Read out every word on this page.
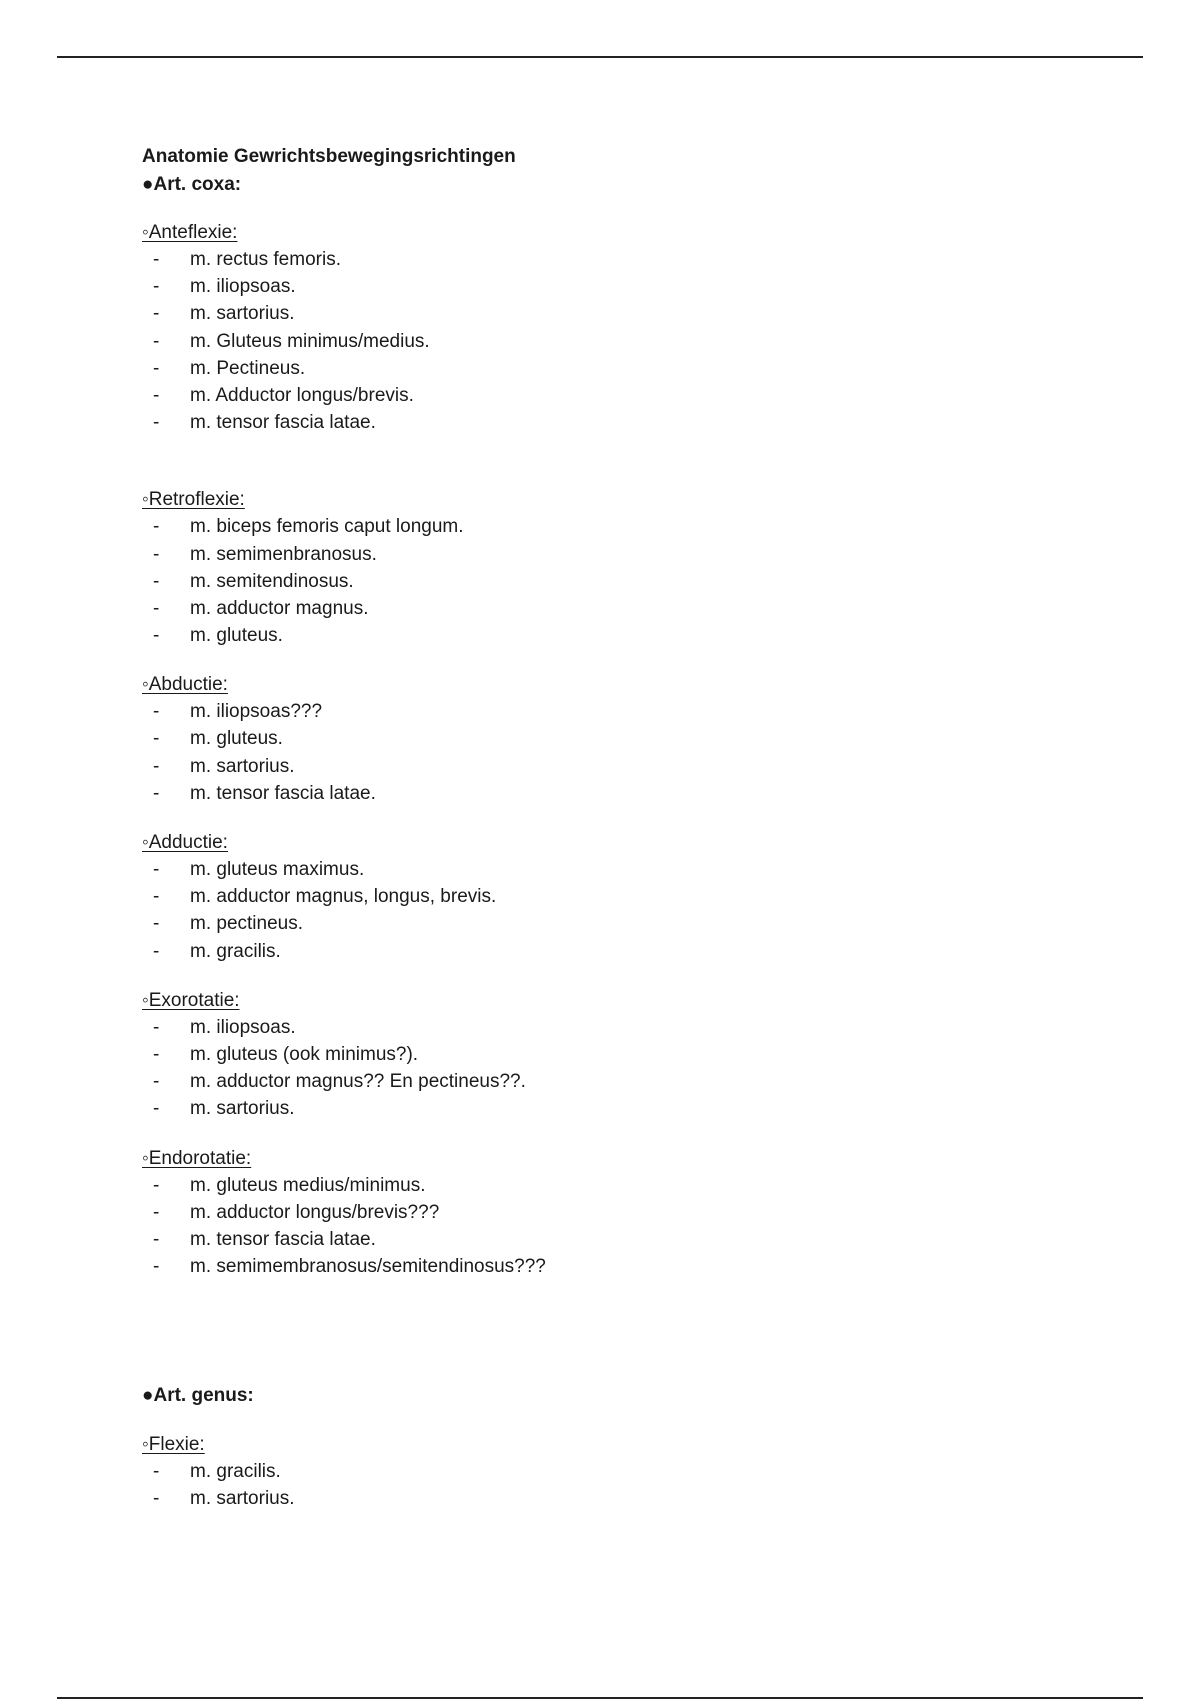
Anatomie Gewrichtsbewegingsrichtingen
●Art. coxa:
◦Anteflexie:
- m. rectus femoris.
- m. iliopsoas.
- m. sartorius.
- m. Gluteus minimus/medius.
- m. Pectineus.
- m. Adductor longus/brevis.
- m. tensor fascia latae.
◦Retroflexie:
- m. biceps femoris caput longum.
- m. semimenbranosus.
- m. semitendinosus.
- m. adductor magnus.
- m. gluteus.
◦Abductie:
- m. iliopsoas???
- m. gluteus.
- m. sartorius.
- m. tensor fascia latae.
◦Adductie:
- m. gluteus maximus.
- m. adductor magnus, longus, brevis.
- m. pectineus.
- m. gracilis.
◦Exorotatie:
- m. iliopsoas.
- m. gluteus (ook minimus?).
- m. adductor magnus?? En pectineus??.
- m. sartorius.
◦Endorotatie:
- m. gluteus medius/minimus.
- m. adductor longus/brevis???
- m. tensor fascia latae.
- m. semimembranosus/semitendinosus???
●Art. genus:
◦Flexie:
- m. gracilis.
- m. sartorius.
